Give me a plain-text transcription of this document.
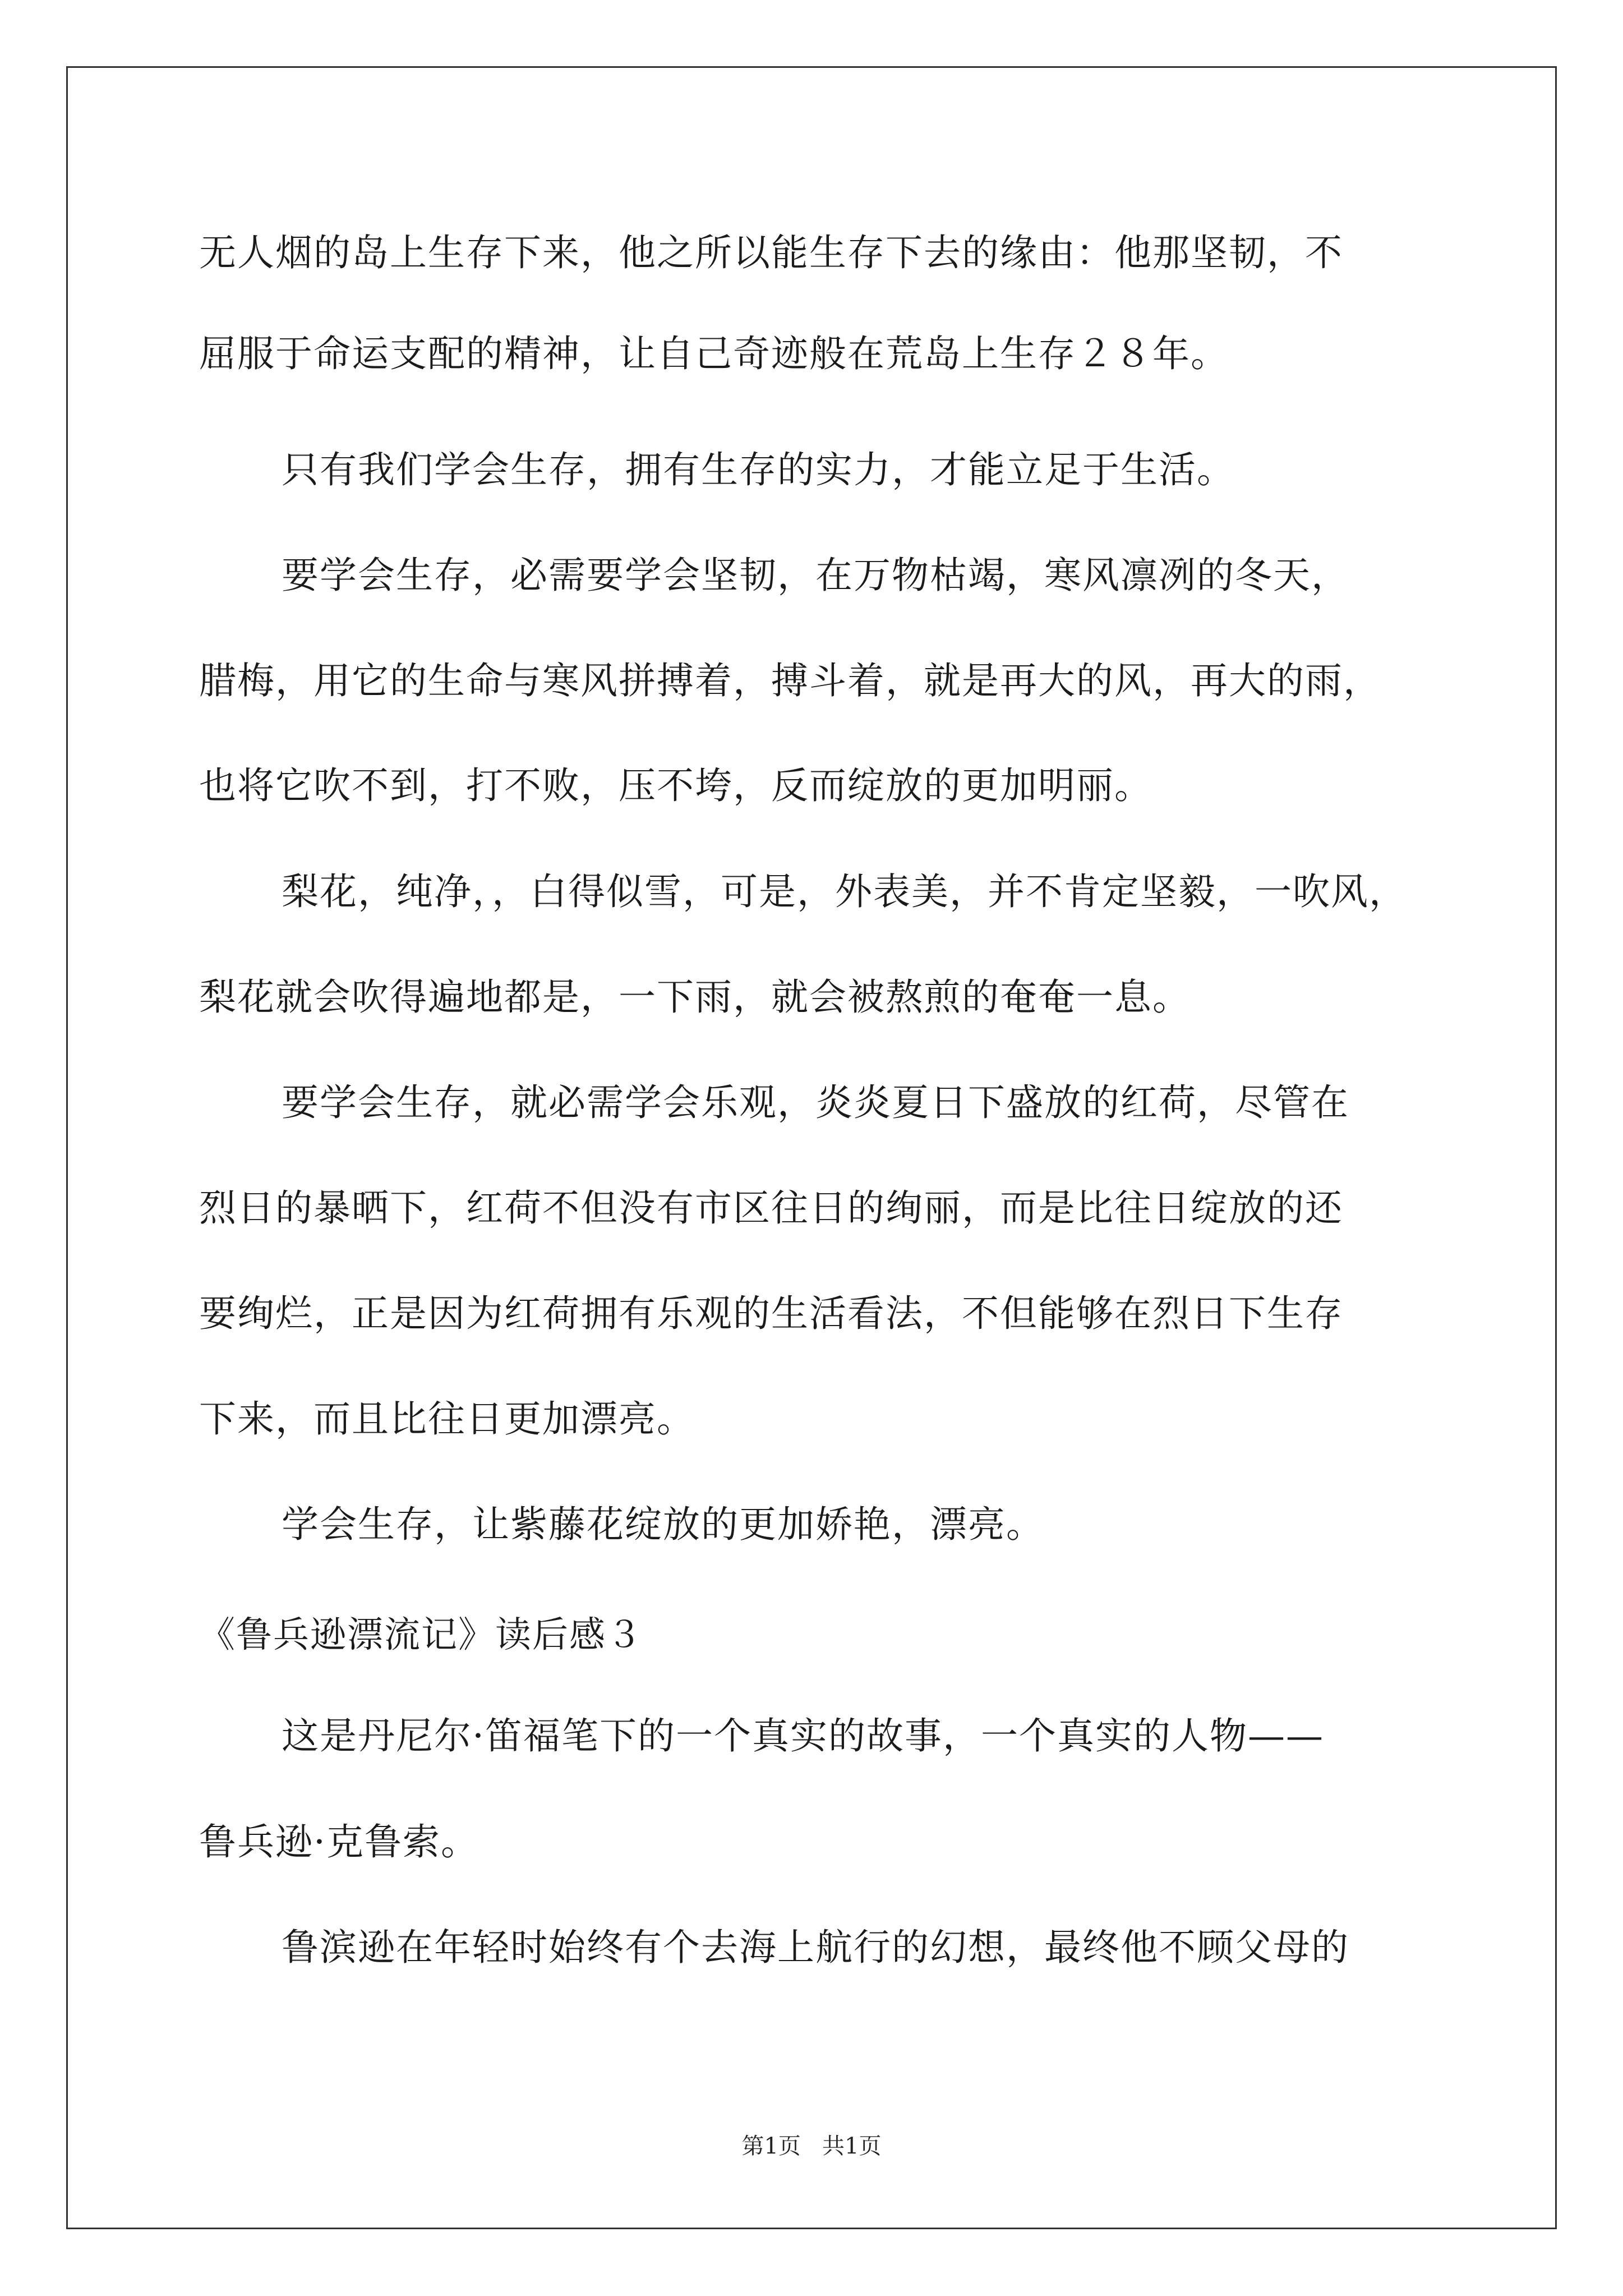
无人烟的岛上生存下来，他之所以能生存下去的缘由：他那坚韧，不
屈服于命运支配的精神，让自己奇迹般在荒岛上生存２８年。
只有我们学会生存，拥有生存的实力，才能立足于生活。
要学会生存，必需要学会坚韧，在万物枯竭，寒风凛冽的冬天，
腊梅，用它的生命与寒风拼搏着，搏斗着，就是再大的风，再大的雨，
也将它吹不到，打不败，压不垮，反而绽放的更加明丽。
梨花，纯净，，白得似雪，可是，外表美，并不肯定坚毅，一吹风，
梨花就会吹得遍地都是，一下雨，就会被熬煎的奄奄一息。
要学会生存，就必需学会乐观，炎炎夏日下盛放的红荷，尽管在
烈日的暴晒下，红荷不但没有市区往日的绚丽，而是比往日绽放的还
要绚烂，正是因为红荷拥有乐观的生活看法，不但能够在烈日下生存
下来，而且比往日更加漂亮。
学会生存，让紫藤花绽放的更加娇艳，漂亮。
《鲁兵逊漂流记》读后感３
这是丹尼尔·笛福笔下的一个真实的故事，一个真实的人物——
鲁兵逊·克鲁索。
鲁滨逊在年轻时始终有个去海上航行的幻想，最终他不顾父母的
第1页   共1页
